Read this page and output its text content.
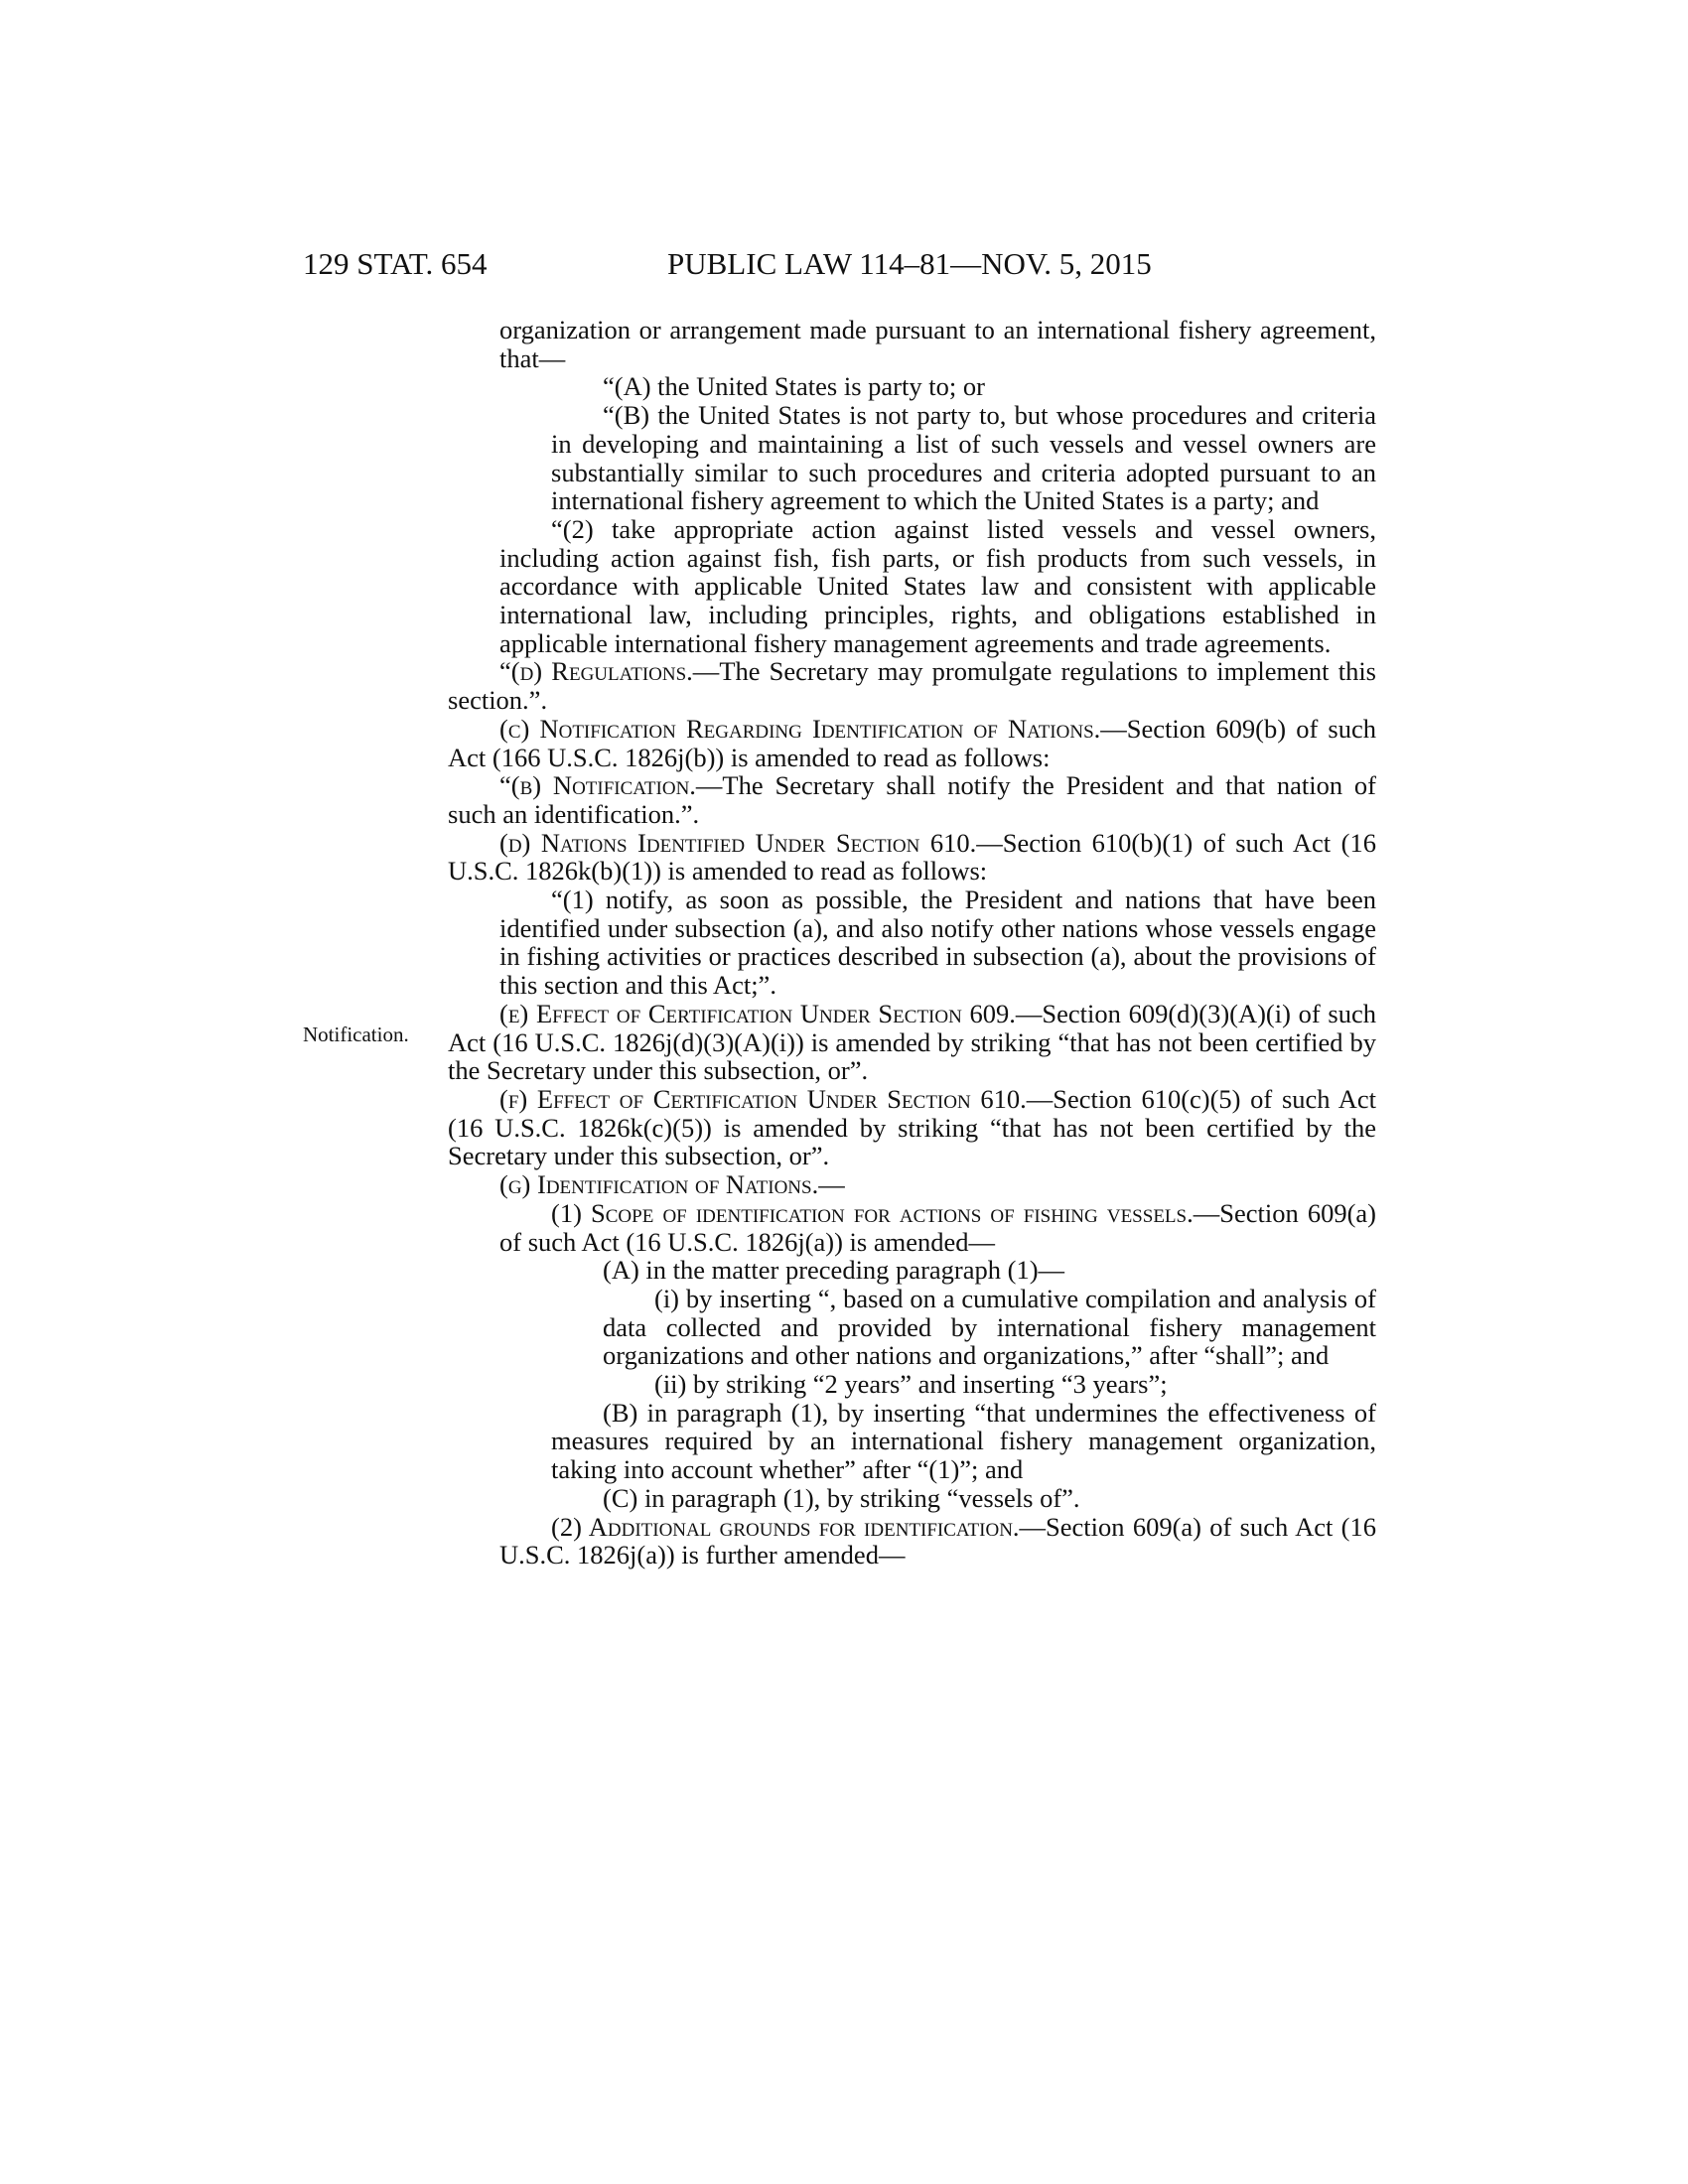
129 STAT. 654	PUBLIC LAW 114–81—NOV. 5, 2015
Notification.

organization or arrangement made pursuant to an international fishery agreement, that—

“(A) the United States is party to; or

“(B) the United States is not party to, but whose procedures and criteria in developing and maintaining a list of such vessels and vessel owners are substantially similar to such procedures and criteria adopted pursuant to an international fishery agreement to which the United States is a party; and

“(2) take appropriate action against listed vessels and vessel owners, including action against fish, fish parts, or fish products from such vessels, in accordance with applicable United States law and consistent with applicable international law, including principles, rights, and obligations established in applicable international fishery management agreements and trade agreements.

“(d) Regulations.—The Secretary may promulgate regulations to implement this section.”.

(c) Notification Regarding Identification of Nations.—Section 609(b) of such Act (166 U.S.C. 1826j(b)) is amended to read as follows:

“(b) Notification.—The Secretary shall notify the President and that nation of such an identification.”.

(d) Nations Identified Under Section 610.—Section 610(b)(1) of such Act (16 U.S.C. 1826k(b)(1)) is amended to read as follows:

“(1) notify, as soon as possible, the President and nations that have been identified under subsection (a), and also notify other nations whose vessels engage in fishing activities or practices described in subsection (a), about the provisions of this section and this Act;”.

(e) Effect of Certification Under Section 609.—Section 609(d)(3)(A)(i) of such Act (16 U.S.C. 1826j(d)(3)(A)(i)) is amended by striking “that has not been certified by the Secretary under this subsection, or”.

(f) Effect of Certification Under Section 610.—Section 610(c)(5) of such Act (16 U.S.C. 1826k(c)(5)) is amended by striking “that has not been certified by the Secretary under this subsection, or”.

(g) Identification of Nations.—

(1) Scope of identification for actions of fishing vessels.—Section 609(a) of such Act (16 U.S.C. 1826j(a)) is amended—

(A) in the matter preceding paragraph (1)—

(i) by inserting “, based on a cumulative compilation and analysis of data collected and provided by international fishery management organizations and other nations and organizations,” after “shall”; and

(ii) by striking “2 years” and inserting “3 years”;

(B) in paragraph (1), by inserting “that undermines the effectiveness of measures required by an international fishery management organization, taking into account whether” after “(1)”; and

(C) in paragraph (1), by striking “vessels of”.

(2) Additional grounds for identification.—Section 609(a) of such Act (16 U.S.C. 1826j(a)) is further amended—
